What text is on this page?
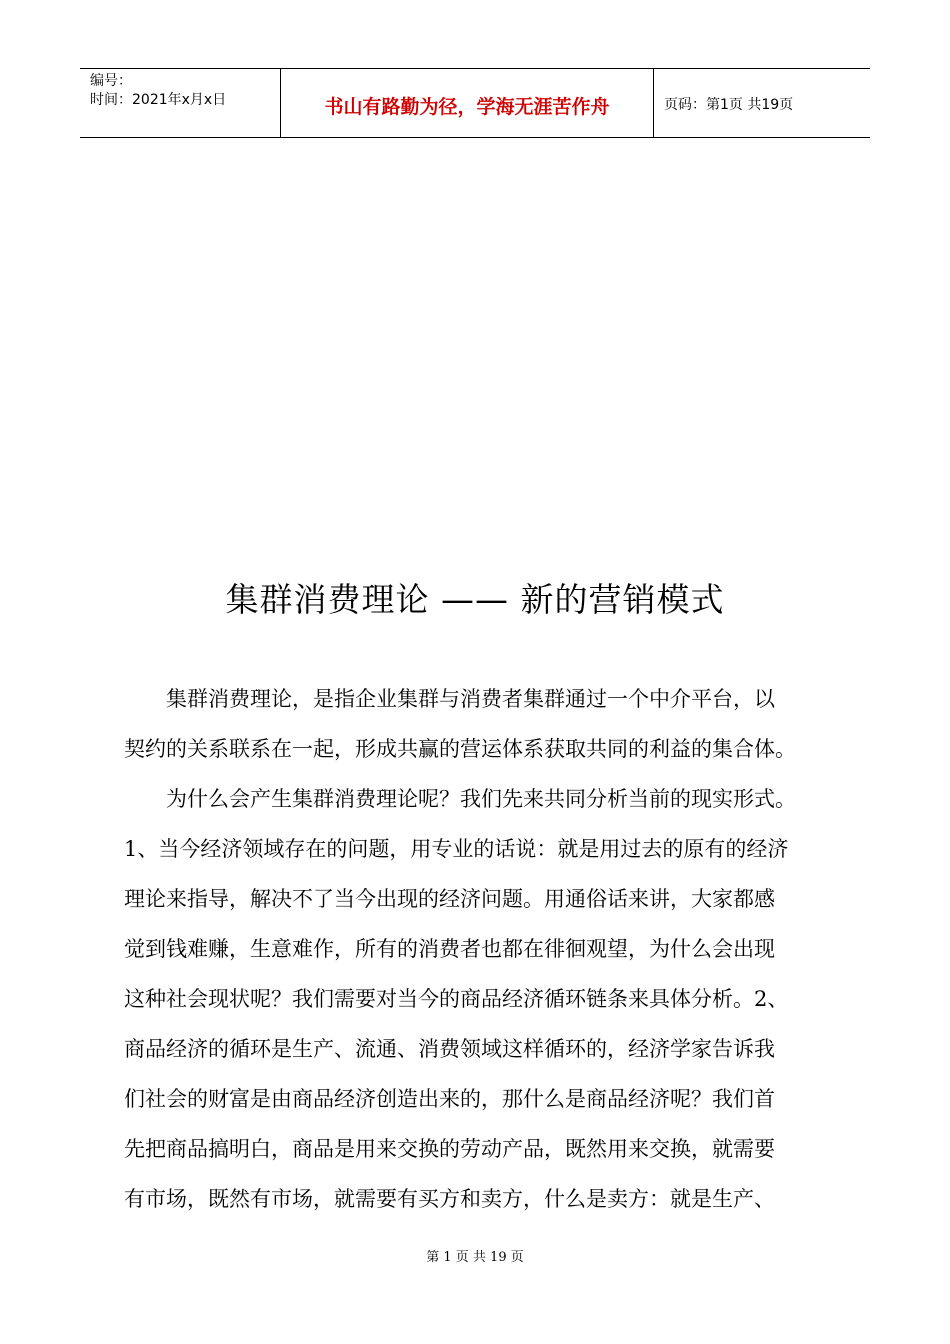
编号：
时间：2021年x月x日	书山有路勤为径，学海无涯苦作舟	页码：第1页 共19页
集群消费理论 —— 新的营销模式
集群消费理论，是指企业集群与消费者集群通过一个中介平台，以
契约的关系联系在一起，形成共赢的营运体系获取共同的利益的集合体。
为什么会产生集群消费理论呢？我们先来共同分析当前的现实形式。
1、当今经济领域存在的问题，用专业的话说：就是用过去的原有的经济
理论来指导，解决不了当今出现的经济问题。用通俗话来讲，大家都感
觉到钱难赚，生意难作，所有的消费者也都在徘徊观望，为什么会出现
这种社会现状呢？我们需要对当今的商品经济循环链条来具体分析。2、
商品经济的循环是生产、流通、消费领域这样循环的，经济学家告诉我
们社会的财富是由商品经济创造出来的，那什么是商品经济呢？我们首
先把商品搞明白，商品是用来交换的劳动产品，既然用来交换，就需要
有市场，既然有市场，就需要有买方和卖方，什么是卖方：就是生产、
第 1 页 共 19 页
